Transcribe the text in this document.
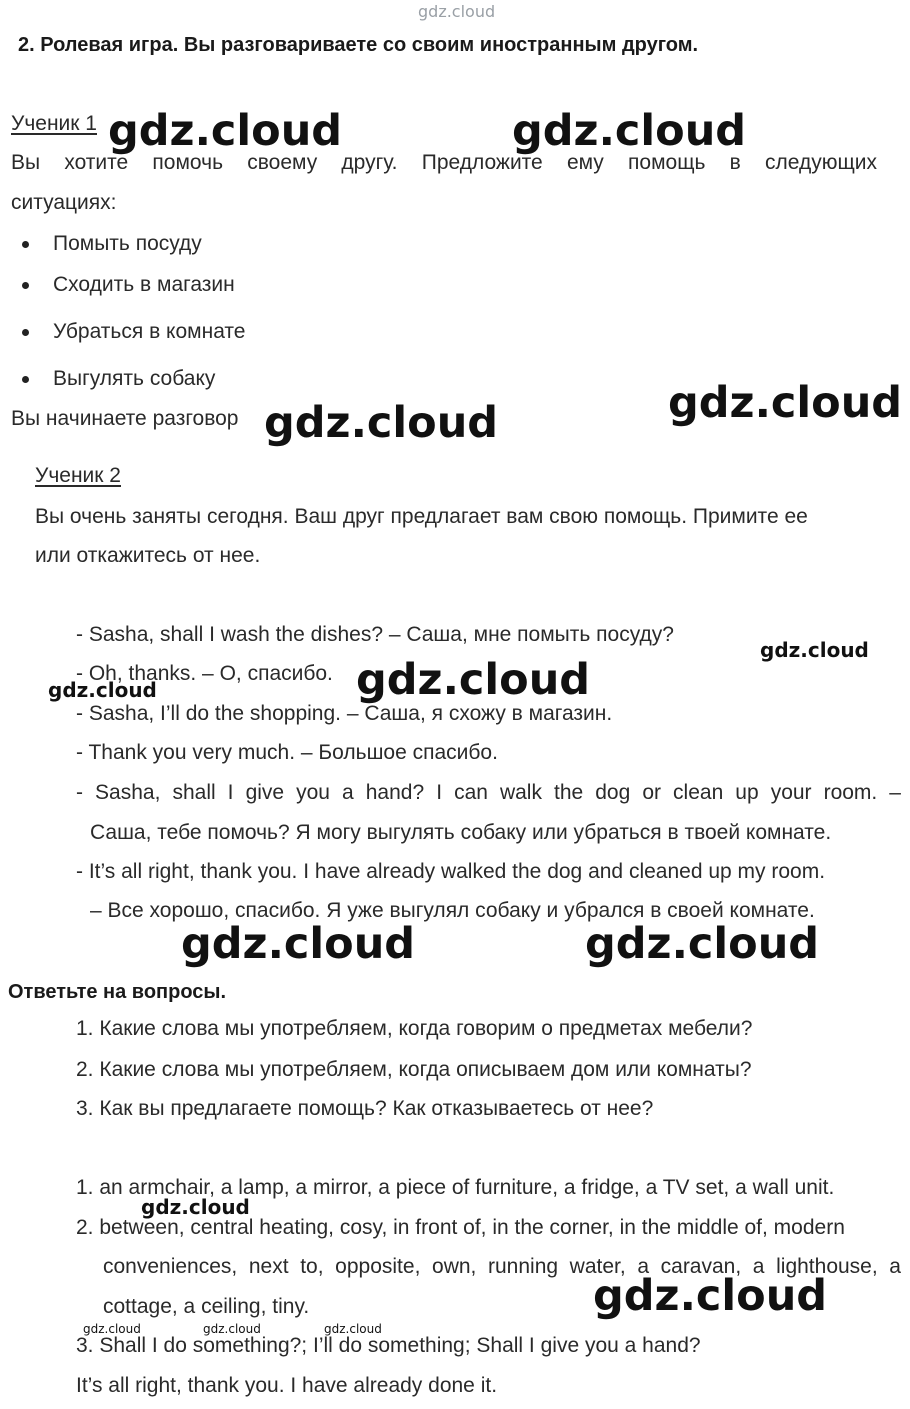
gdz.cloud
2. Ролевая игра. Вы разговариваете со своим иностранным другом.
Ученик 1
Вы хотите помочь своему другу. Предложите ему помощь в следующих
ситуациях:
Помыть посуду
Сходить в магазин
Убраться в комнате
Выгулять собаку
Вы начинаете разговор
Ученик 2
Вы очень заняты сегодня. Ваш друг предлагает вам свою помощь. Примите ее
или откажитесь от нее.
- Sasha, shall I wash the dishes? – Саша, мне помыть посуду?
- Oh, thanks. – О, спасибо.
- Sasha, I’ll do the shopping. – Саша, я схожу в магазин.
- Thank you very much. – Большое спасибо.
- Sasha, shall I give you a hand? I can walk the dog or clean up your room. –
Саша, тебе помочь? Я могу выгулять собаку или убраться в твоей комнате.
- It’s all right, thank you. I have already walked the dog and cleaned up my room.
– Все хорошо, спасибо. Я уже выгулял собаку и убрался в своей комнате.
Ответьте на вопросы.
1. Какие слова мы употребляем, когда говорим о предметах мебели?
2. Какие слова мы употребляем, когда описываем дом или комнаты?
3. Как вы предлагаете помощь? Как отказываетесь от нее?
1. an armchair, a lamp, a mirror, a piece of furniture, a fridge, a TV set, a wall unit.
2. between, central heating, cosy, in front of, in the corner, in the middle of, modern
conveniences, next to, opposite, own, running water, a caravan, a lighthouse, a
cottage, a ceiling, tiny.
3. Shall I do something?; I’ll do something; Shall I give you a hand?
It’s all right, thank you. I have already done it.
gdz.cloud	gdz.cloud
gdz.cloud
gdz.cloud
gdz.cloud
gdz.cloud
gdz.cloud
gdz.cloud	gdz.cloud
gdz.cloud
gdz.cloud
gdz.cloud	gdz.cloud	gdz.cloud
